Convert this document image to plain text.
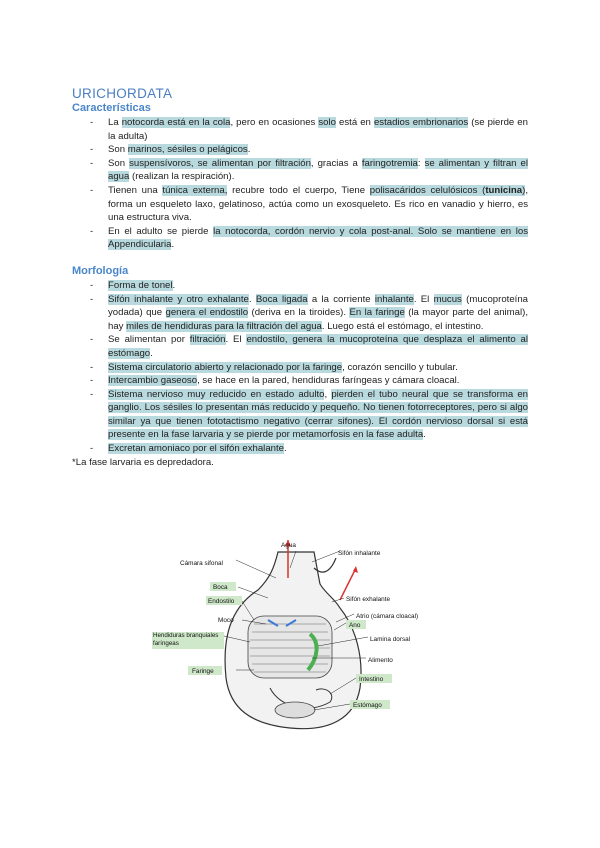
URICHORDATA
Características
- La notocorda está en la cola, pero en ocasiones solo está en estadios embrionarios (se pierde en la adulta)
- Son marinos, sésiles o pelágicos.
- Son suspensívoros, se alimentan por filtración, gracias a faringotremia: se alimentan y filtran el agua (realizan la respiración).
- Tienen una túnica externa, recubre todo el cuerpo, Tiene polisacáridos celulósicos (tunicina), forma un esqueleto laxo, gelatinoso, actúa como un exosqueleto. Es rico en vanadio y hierro, es una estructura viva.
- En el adulto se pierde la notocorda, cordón nervio y cola post-anal. Solo se mantiene en los Appendicularia.
Morfología
- Forma de tonel.
- Sifón inhalante y otro exhalante. Boca ligada a la corriente inhalante. El mucus (mucoproteína yodada) que genera el endostilo (deriva en la tiroides). En la faringe (la mayor parte del animal), hay miles de hendiduras para la filtración del agua. Luego está el estómago, el intestino.
- Se alimentan por filtración. El endostilo, genera la mucoproteína que desplaza el alimento al estómago.
- Sistema circulatorio abierto y relacionado por la faringe, corazón sencillo y tubular.
- Intercambio gaseoso, se hace en la pared, hendiduras faríngeas y cámara cloacal.
- Sistema nervioso muy reducido en estado adulto, pierden el tubo neural que se transforma en ganglio. Los sésiles lo presentan más reducido y pequeño. No tienen fotorreceptores, pero si algo similar ya que tienen fototactismo negativo (cerrar sifones). El cordón nervioso dorsal si está presente en la fase larvaria y se pierde por metamorfosis en la fase adulta.
- Excretan amoniaco por el sifón exhalante.
*La fase larvaria es depredadora.
Agua
Sifón inhalante
Cámara sifonal
Boca
Endostilo	Sifón exhalante
Atrio (cámara cloacal)
Moco
Ano
Hendiduras branquiales faríngeas
Lamina dorsal
Alimento
Faringe
Intestino
Estómago
